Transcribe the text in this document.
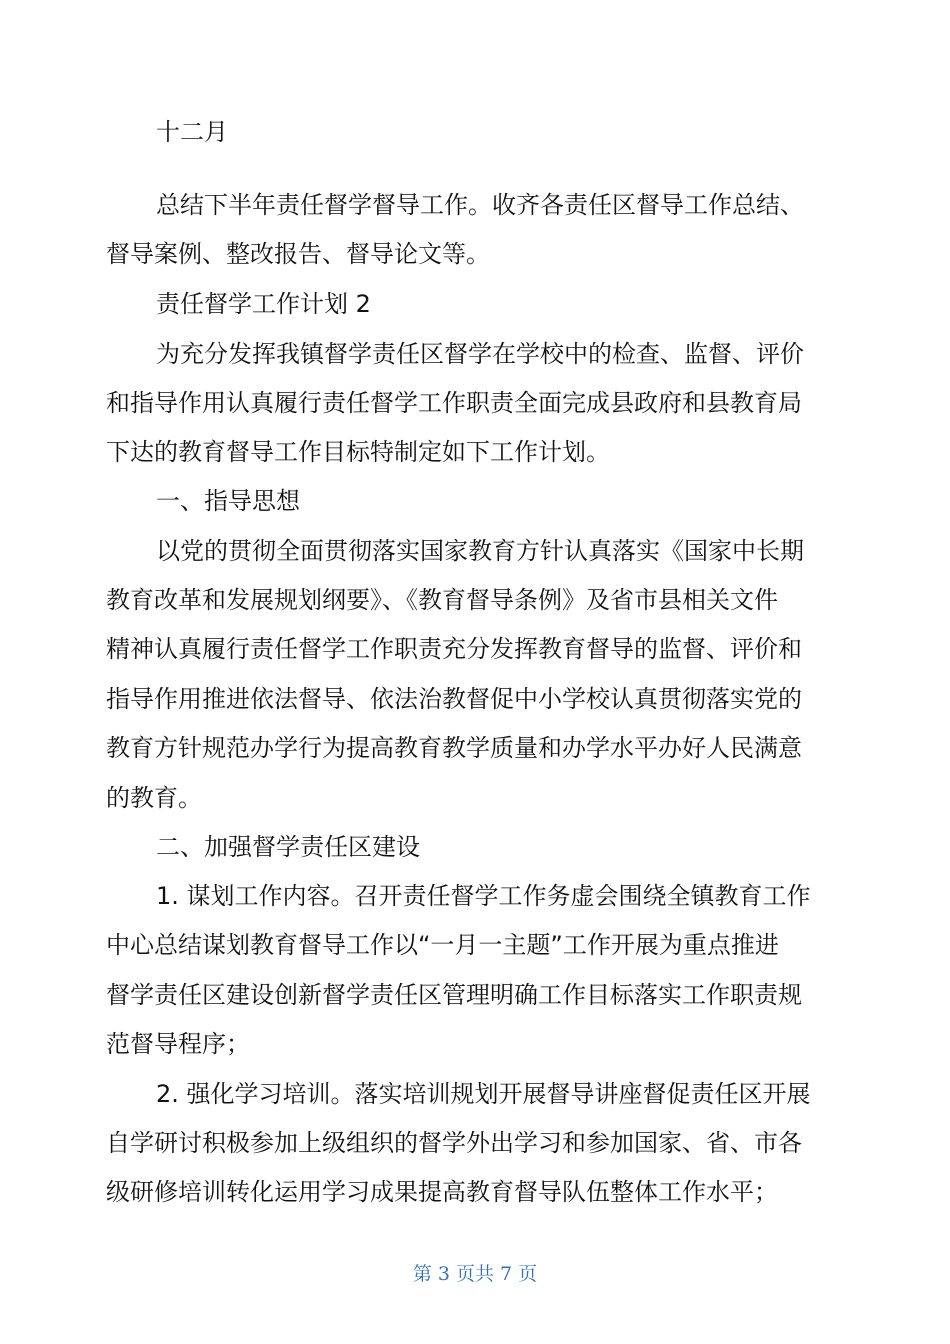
十二月
总结下半年责任督学督导工作。收齐各责任区督导工作总结、
督导案例、整改报告、督导论文等。
责任督学工作计划 2
为充分发挥我镇督学责任区督学在学校中的检查、监督、评价
和指导作用认真履行责任督学工作职责全面完成县政府和县教育局
下达的教育督导工作目标特制定如下工作计划。
一、指导思想
以党的贯彻全面贯彻落实国家教育方针认真落实《国家中长期
教育改革和发展规划纲要》、《教育督导条例》及省市县相关文件
精神认真履行责任督学工作职责充分发挥教育督导的监督、评价和
指导作用推进依法督导、依法治教督促中小学校认真贯彻落实党的
教育方针规范办学行为提高教育教学质量和办学水平办好人民满意
的教育。
二、加强督学责任区建设
1. 谋划工作内容。召开责任督学工作务虚会围绕全镇教育工作
中心总结谋划教育督导工作以“一月一主题”工作开展为重点推进
督学责任区建设创新督学责任区管理明确工作目标落实工作职责规
范督导程序；
2. 强化学习培训。落实培训规划开展督导讲座督促责任区开展
自学研讨积极参加上级组织的督学外出学习和参加国家、省、市各
级研修培训转化运用学习成果提高教育督导队伍整体工作水平；
第 3 页共 7 页
